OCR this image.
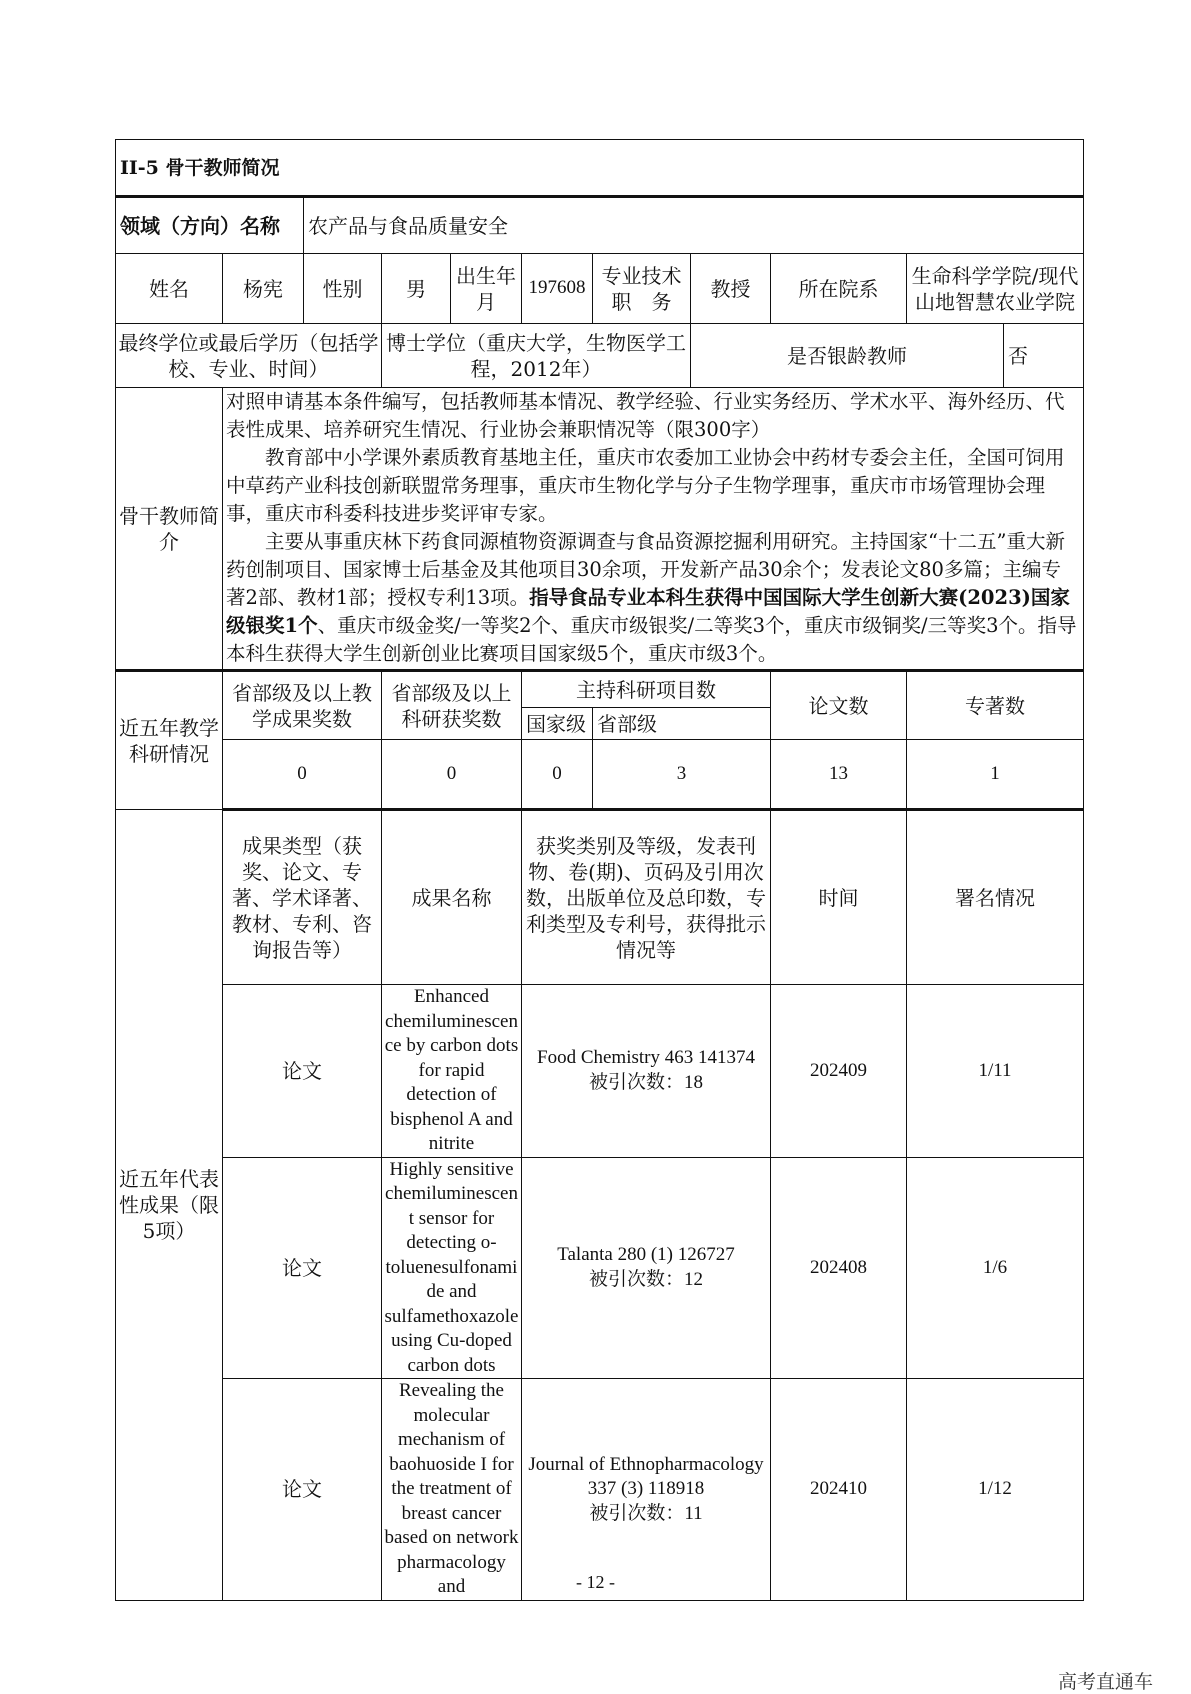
II-5 骨干教师简况										
领域（方向）名称		农产品与食品质量安全								
姓名	杨宪	性别	男	出生年月	197608	专业技术职　务	教授	所在院系	生命科学学院/现代山地智慧农业学院	
最终学位或最后学历（包括学校、专业、时间）			博士学位（重庆大学，生物医学工程，2012年）				是否银龄教师			否
骨干教师简介	对照申请基本条件编写，包括教师基本情况、教学经验、行业实务经历、学术水平、海外经历、代表性成果、培养研究生情况、行业协会兼职情况等（限300字）

教育部中小学课外素质教育基地主任，重庆市农委加工业协会中药材专委会主任，全国可饲用中草药产业科技创新联盟常务理事，重庆市生物化学与分子生物学理事，重庆市市场管理协会理事，重庆市科委科技进步奖评审专家。

主要从事重庆林下药食同源植物资源调查与食品资源挖掘利用研究。主持国家“十二五”重大新药创制项目、国家博士后基金及其他项目30余项，开发新产品30余个；发表论文80多篇；主编专著2部、教材1部；授权专利13项。指导食品专业本科生获得中国国际大学生创新大赛(2023)国家级银奖1个、重庆市级金奖/一等奖2个、重庆市级银奖/二等奖3个，重庆市级铜奖/三等奖3个。指导本科生获得大学生创新创业比赛项目国家级5个，重庆市级3个。									

近五年教学科研情况	省部级及以上教学成果奖数		省部级及以上科研获奖数		主持科研项目数			论文数	专著数	
					国家级	省部级				
	0		0		0	3		13	1	
近五年代表性成果（限5项）	成果类型（获奖、论文、专著、学术译著、教材、专利、咨询报告等）		成果名称		获奖类别及等级，发表刊物、卷(期)、页码及引用次数，出版单位及总印数，专利类型及专利号，获得批示情况等			时间	署名情况	
	论文		Enhanced chemiluminescence by carbon dots for rapid detection of bisphenol A and nitrite		Food Chemistry 463 141374
被引次数：18			202409	1/11	
	论文		Highly sensitive chemiluminescent sensor for detecting o-toluenesulfonamide and sulfamethoxazole using Cu-doped carbon dots		Talanta 280 (1) 126727
被引次数：12			202408	1/6	
	论文		Revealing the molecular mechanism of baohuoside I for the treatment of breast cancer based on network pharmacology and		Journal of Ethnopharmacology 337 (3) 118918
被引次数：11			202410	1/12	
- 12 -
高考直通车
